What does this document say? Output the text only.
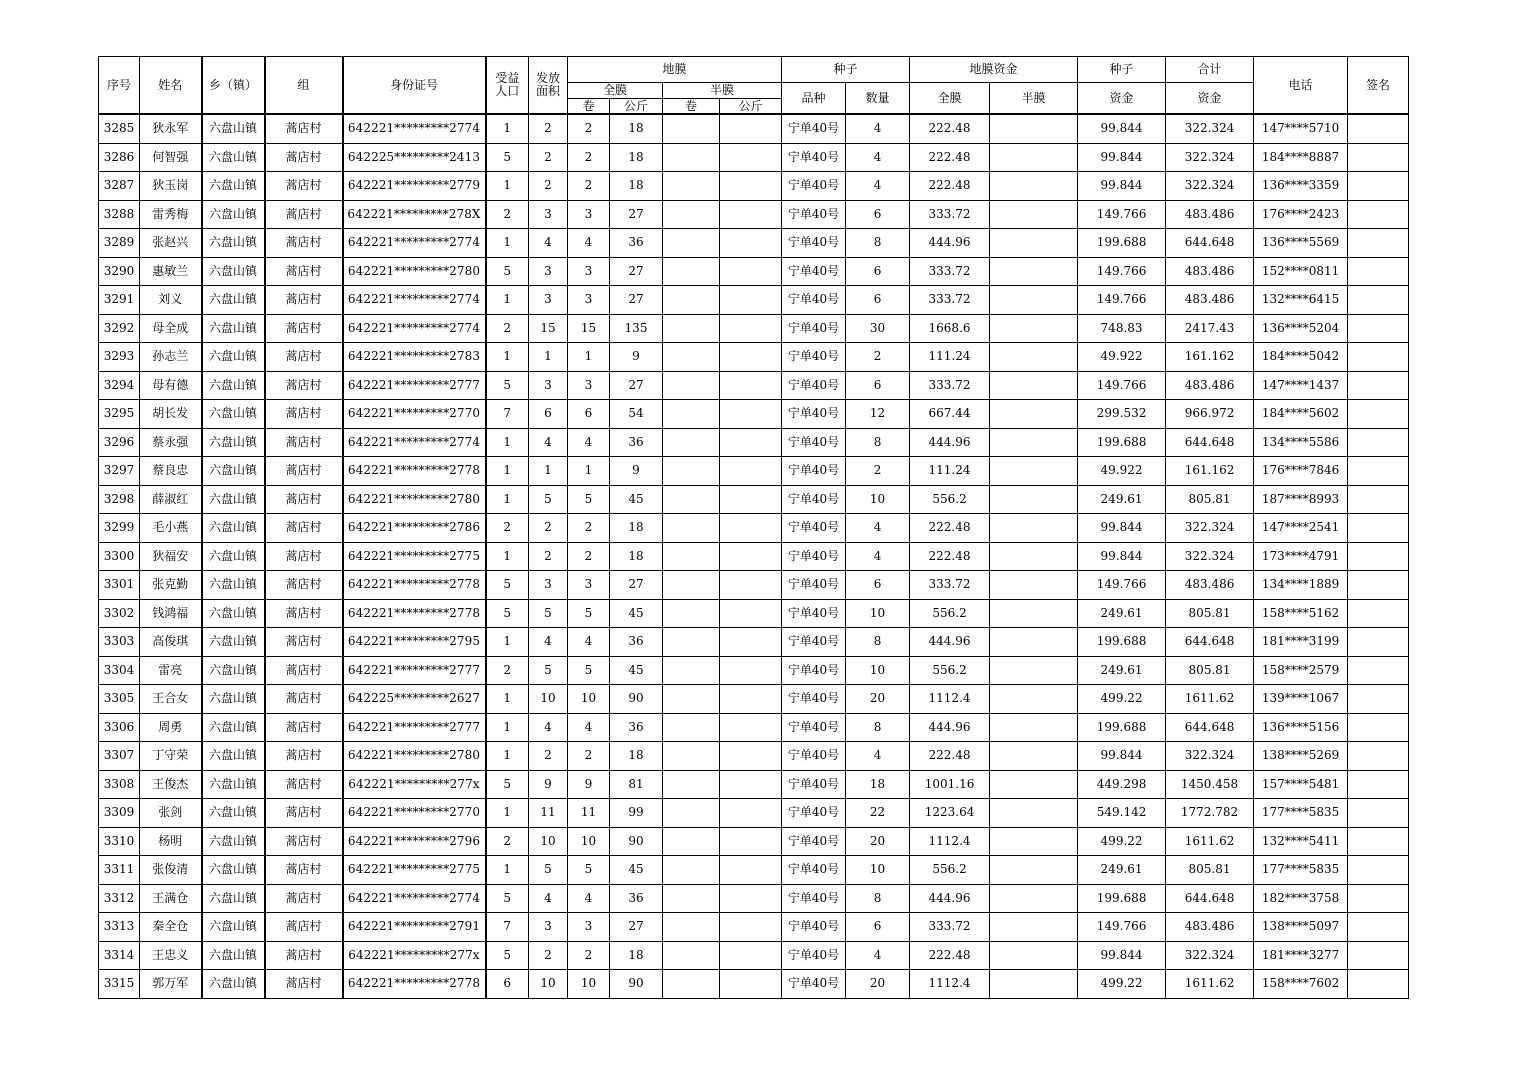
序号	姓名	乡（镇）	组	身份证号	受益
人口	发放
面积	地膜				种子		地膜资金		种子	合计	电话	签名
							全膜		半膜		品种	数量	全膜	半膜	资金	资金		
							卷	公斤	卷	公斤								
3285	狄永军	六盘山镇	蒿店村	642221*********2774	1	2	2	18			宁单40号	4	222.48		99.844	322.324	147****5710	
3286	何智强	六盘山镇	蒿店村	642225*********2413	5	2	2	18			宁单40号	4	222.48		99.844	322.324	184****8887	
3287	狄玉岗	六盘山镇	蒿店村	642221*********2779	1	2	2	18			宁单40号	4	222.48		99.844	322.324	136****3359	
3288	雷秀梅	六盘山镇	蒿店村	642221*********278X	2	3	3	27			宁单40号	6	333.72		149.766	483.486	176****2423	
3289	张赵兴	六盘山镇	蒿店村	642221*********2774	1	4	4	36			宁单40号	8	444.96		199.688	644.648	136****5569	
3290	惠敏兰	六盘山镇	蒿店村	642221*********2780	5	3	3	27			宁单40号	6	333.72		149.766	483.486	152****0811	
3291	刘义	六盘山镇	蒿店村	642221*********2774	1	3	3	27			宁单40号	6	333.72		149.766	483.486	132****6415	
3292	母全成	六盘山镇	蒿店村	642221*********2774	2	15	15	135			宁单40号	30	1668.6		748.83	2417.43	136****5204	
3293	孙志兰	六盘山镇	蒿店村	642221*********2783	1	1	1	9			宁单40号	2	111.24		49.922	161.162	184****5042	
3294	母有德	六盘山镇	蒿店村	642221*********2777	5	3	3	27			宁单40号	6	333.72		149.766	483.486	147****1437	
3295	胡长发	六盘山镇	蒿店村	642221*********2770	7	6	6	54			宁单40号	12	667.44		299.532	966.972	184****5602	
3296	蔡永强	六盘山镇	蒿店村	642221*********2774	1	4	4	36			宁单40号	8	444.96		199.688	644.648	134****5586	
3297	蔡良忠	六盘山镇	蒿店村	642221*********2778	1	1	1	9			宁单40号	2	111.24		49.922	161.162	176****7846	
3298	薛淑红	六盘山镇	蒿店村	642221*********2780	1	5	5	45			宁单40号	10	556.2		249.61	805.81	187****8993	
3299	毛小燕	六盘山镇	蒿店村	642221*********2786	2	2	2	18			宁单40号	4	222.48		99.844	322.324	147****2541	
3300	狄福安	六盘山镇	蒿店村	642221*********2775	1	2	2	18			宁单40号	4	222.48		99.844	322.324	173****4791	
3301	张克勤	六盘山镇	蒿店村	642221*********2778	5	3	3	27			宁单40号	6	333.72		149.766	483.486	134****1889	
3302	钱鸿福	六盘山镇	蒿店村	642221*********2778	5	5	5	45			宁单40号	10	556.2		249.61	805.81	158****5162	
3303	高俊琪	六盘山镇	蒿店村	642221*********2795	1	4	4	36			宁单40号	8	444.96		199.688	644.648	181****3199	
3304	雷亮	六盘山镇	蒿店村	642221*********2777	2	5	5	45			宁单40号	10	556.2		249.61	805.81	158****2579	
3305	王合女	六盘山镇	蒿店村	642225*********2627	1	10	10	90			宁单40号	20	1112.4		499.22	1611.62	139****1067	
3306	周勇	六盘山镇	蒿店村	642221*********2777	1	4	4	36			宁单40号	8	444.96		199.688	644.648	136****5156	
3307	丁守荣	六盘山镇	蒿店村	642221*********2780	1	2	2	18			宁单40号	4	222.48		99.844	322.324	138****5269	
3308	王俊杰	六盘山镇	蒿店村	642221*********277x	5	9	9	81			宁单40号	18	1001.16		449.298	1450.458	157****5481	
3309	张剑	六盘山镇	蒿店村	642221*********2770	1	11	11	99			宁单40号	22	1223.64		549.142	1772.782	177****5835	
3310	杨明	六盘山镇	蒿店村	642221*********2796	2	10	10	90			宁单40号	20	1112.4		499.22	1611.62	132****5411	
3311	张俊清	六盘山镇	蒿店村	642221*********2775	1	5	5	45			宁单40号	10	556.2		249.61	805.81	177****5835	
3312	王满仓	六盘山镇	蒿店村	642221*********2774	5	4	4	36			宁单40号	8	444.96		199.688	644.648	182****3758	
3313	秦全仓	六盘山镇	蒿店村	642221*********2791	7	3	3	27			宁单40号	6	333.72		149.766	483.486	138****5097	
3314	王忠义	六盘山镇	蒿店村	642221*********277x	5	2	2	18			宁单40号	4	222.48		99.844	322.324	181****3277	
3315	郭万军	六盘山镇	蒿店村	642221*********2778	6	10	10	90			宁单40号	20	1112.4		499.22	1611.62	158****7602	
